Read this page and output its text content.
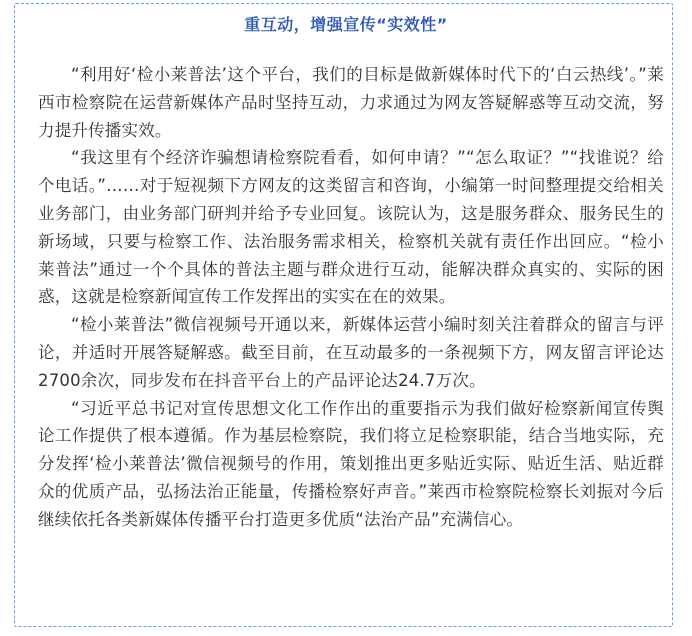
重互动，增强宣传“实效性”

“利用好‘检小莱普法’这个平台，我们的目标是做新媒体时代下的‘白云热线’。”莱西市检察院在运营新媒体产品时坚持互动，力求通过为网友答疑解惑等互动交流，努力提升传播实效。

“我这里有个经济诈骗想请检察院看看，如何申请？”“怎么取证？”“找谁说？给个电话。”……对于短视频下方网友的这类留言和咨询，小编第一时间整理提交给相关业务部门，由业务部门研判并给予专业回复。该院认为，这是服务群众、服务民生的新场域，只要与检察工作、法治服务需求相关，检察机关就有责任作出回应。“检小莱普法”通过一个个具体的普法主题与群众进行互动，能解决群众真实的、实际的困惑，这就是检察新闻宣传工作发挥出的实实在在的效果。

“检小莱普法”微信视频号开通以来，新媒体运营小编时刻关注着群众的留言与评论，并适时开展答疑解惑。截至目前，在互动最多的一条视频下方，网友留言评论达2700余次，同步发布在抖音平台上的产品评论达24.7万次。

“习近平总书记对宣传思想文化工作作出的重要指示为我们做好检察新闻宣传舆论工作提供了根本遵循。作为基层检察院，我们将立足检察职能，结合当地实际，充分发挥‘检小莱普法’微信视频号的作用，策划推出更多贴近实际、贴近生活、贴近群众的优质产品，弘扬法治正能量，传播检察好声音。”莱西市检察院检察长刘振对今后继续依托各类新媒体传播平台打造更多优质“法治产品”充满信心。
